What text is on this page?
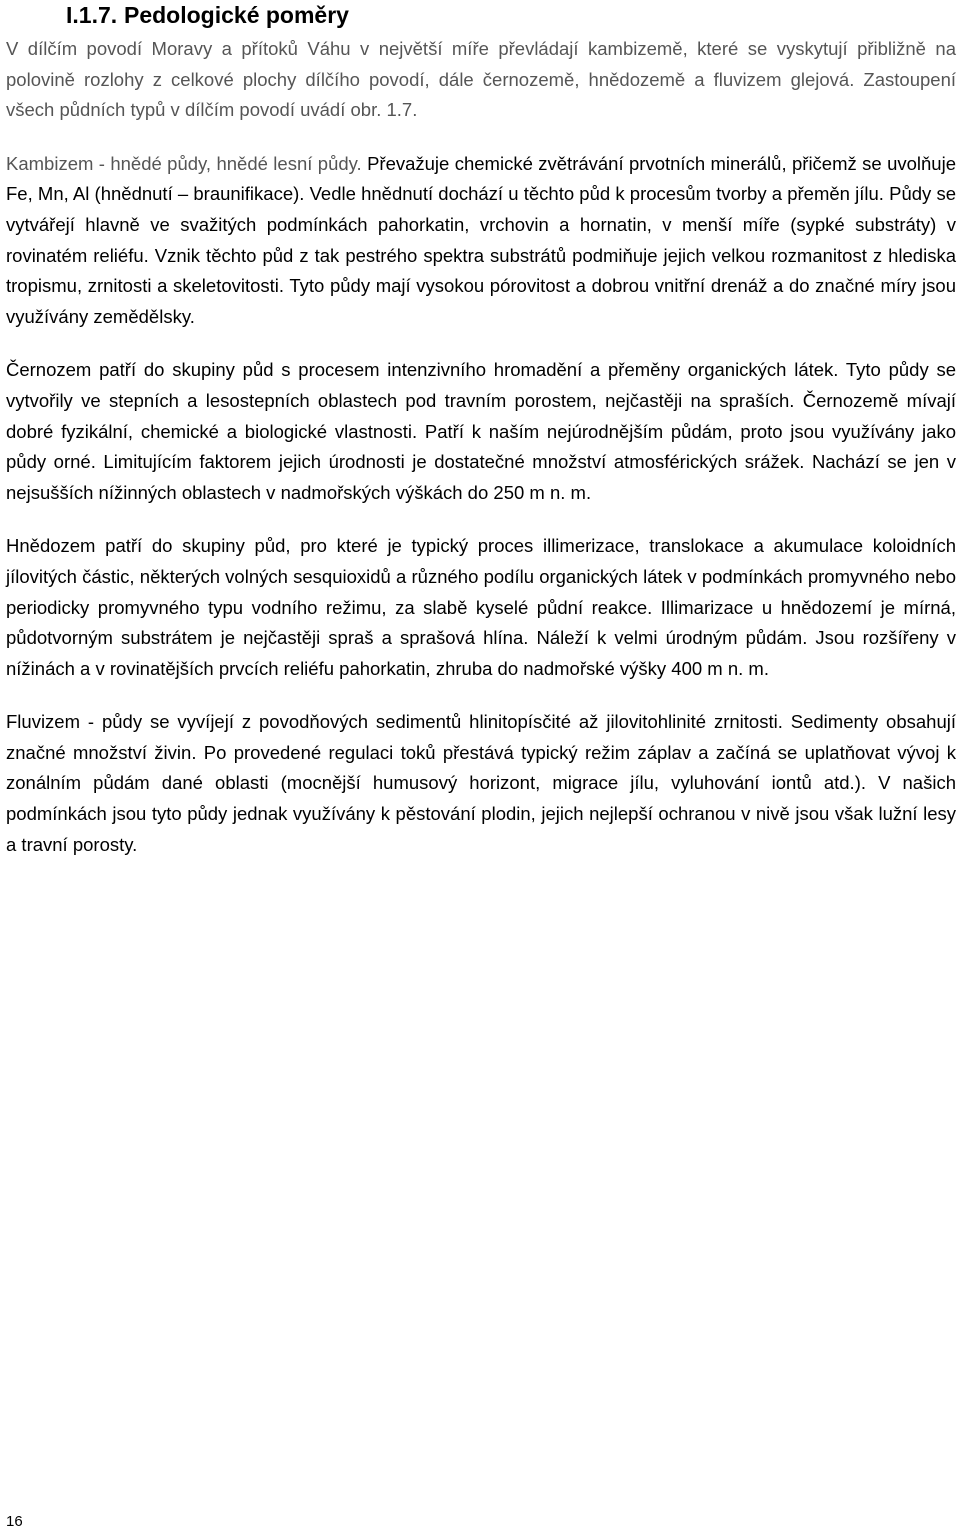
I.1.7. Pedologické poměry

V dílčím povodí Moravy a přítoků Váhu v největší míře převládají kambizemě, které se vyskytují přibližně na polovině rozlohy z celkové plochy dílčího povodí, dále černozemě, hnědozemě a fluvizem glejová. Zastoupení všech půdních typů v dílčím povodí uvádí obr. 1.7.

Kambizem - hnědé půdy, hnědé lesní půdy. Převažuje chemické zvětrávání prvotních minerálů, přičemž se uvolňuje Fe, Mn, Al (hnědnutí – braunifikace). Vedle hnědnutí dochází u těchto půd k procesům tvorby a přeměn jílu. Půdy se vytvářejí hlavně ve svažitých podmínkách pahorkatin, vrchovin a hornatin, v menší míře (sypké substráty) v rovinatém reliéfu. Vznik těchto půd z tak pestrého spektra substrátů podmiňuje jejich velkou rozmanitost z hlediska tropismu, zrnitosti a skeletovitosti. Tyto půdy mají vysokou pórovitost a dobrou vnitřní drenáž a do značné míry jsou využívány zemědělsky.

Černozem patří do skupiny půd s procesem intenzivního hromadění a přeměny organických látek. Tyto půdy se vytvořily ve stepních a lesostepních oblastech pod travním porostem, nejčastěji na spraších. Černozemě mívají dobré fyzikální, chemické a biologické vlastnosti. Patří k naším nejúrodnějším půdám, proto jsou využívány jako půdy orné. Limitujícím faktorem jejich úrodnosti je dostatečné množství atmosférických srážek. Nachází se jen v nejsušších nížinných oblastech v nadmořských výškách do 250 m n. m.

Hnědozem patří do skupiny půd, pro které je typický proces illimerizace, translokace a akumulace koloidních jílovitých částic, některých volných sesquioxidů a různého podílu organických látek v podmínkách promyvného nebo periodicky promyvného typu vodního režimu, za slabě kyselé půdní reakce. Illimarizace u hnědozemí je mírná, půdotvorným substrátem je nejčastěji spraš a sprašová hlína. Náleží k velmi úrodným půdám. Jsou rozšířeny v nížinách a v rovinatějších prvcích reliéfu pahorkatin, zhruba do nadmořské výšky 400 m n. m.

Fluvizem - půdy se vyvíjejí z povodňových sedimentů hlinitopísčité až jilovitohlinité zrnitosti. Sedimenty obsahují značné množství živin. Po provedené regulaci toků přestává typický režim záplav a začíná se uplatňovat vývoj k zonálním půdám dané oblasti (mocnější humusový horizont, migrace jílu, vyluhování iontů atd.). V našich podmínkách jsou tyto půdy jednak využívány k pěstování plodin, jejich nejlepší ochranou v nivě jsou však lužní lesy a travní porosty.

16
